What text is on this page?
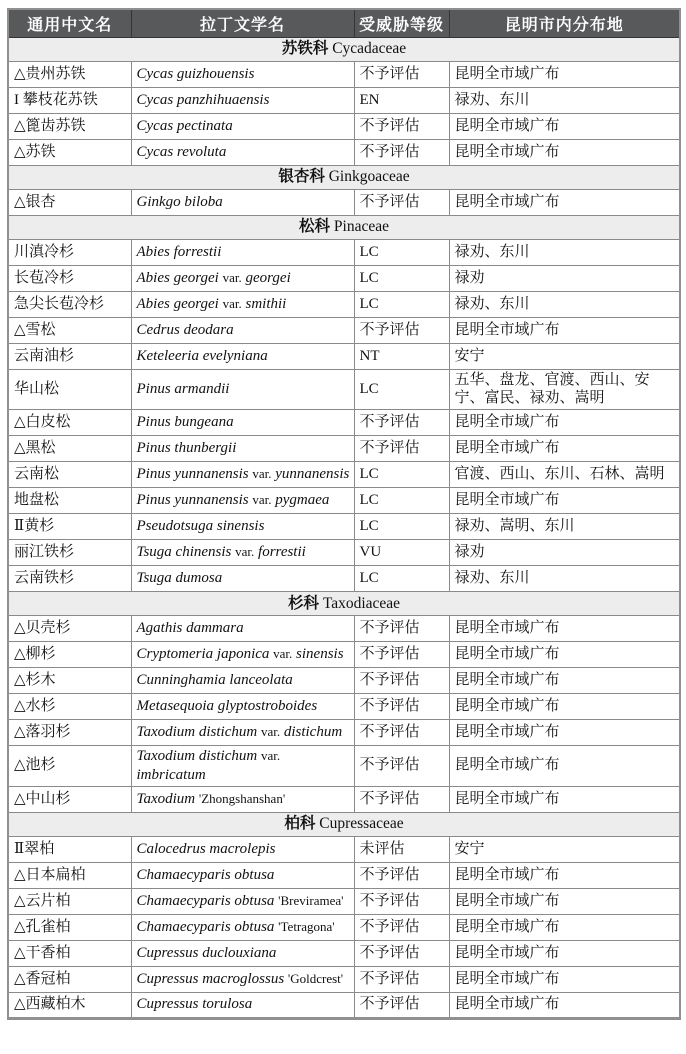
通用中文名	拉丁文学名	受威胁等级	昆明市内分布地
苏铁科 Cycadaceae			
△贵州苏铁	Cycas guizhouensis	不予评估	昆明全市域广布
I 攀枝花苏铁	Cycas panzhihuaensis	EN	禄劝、东川
△篦齿苏铁	Cycas pectinata	不予评估	昆明全市域广布
△苏铁	Cycas revoluta	不予评估	昆明全市域广布
银杏科 Ginkgoaceae			
△银杏	Ginkgo biloba	不予评估	昆明全市域广布
松科 Pinaceae			
川滇冷杉	Abies forrestii	LC	禄劝、东川
长苞冷杉	Abies georgei var. georgei	LC	禄劝
急尖长苞冷杉	Abies georgei var. smithii	LC	禄劝、东川
△雪松	Cedrus deodara	不予评估	昆明全市域广布
云南油杉	Keteleeria evelyniana	NT	安宁
华山松	Pinus armandii	LC	五华、盘龙、官渡、西山、安宁、富民、禄劝、嵩明
△白皮松	Pinus bungeana	不予评估	昆明全市域广布
△黑松	Pinus thunbergii	不予评估	昆明全市域广布
云南松	Pinus yunnanensis var. yunnanensis	LC	官渡、西山、东川、石林、嵩明
地盘松	Pinus yunnanensis var. pygmaea	LC	昆明全市域广布
Ⅱ黄杉	Pseudotsuga sinensis	LC	禄劝、嵩明、东川
丽江铁杉	Tsuga chinensis var. forrestii	VU	禄劝
云南铁杉	Tsuga dumosa	LC	禄劝、东川
杉科 Taxodiaceae			
△贝壳杉	Agathis dammara	不予评估	昆明全市域广布
△柳杉	Cryptomeria japonica var. sinensis	不予评估	昆明全市域广布
△杉木	Cunninghamia lanceolata	不予评估	昆明全市域广布
△水杉	Metasequoia glyptostroboides	不予评估	昆明全市域广布
△落羽杉	Taxodium distichum var. distichum	不予评估	昆明全市域广布
△池杉	Taxodium distichum var. imbricatum	不予评估	昆明全市域广布
△中山杉	Taxodium 'Zhongshanshan'	不予评估	昆明全市域广布
柏科 Cupressaceae			
Ⅱ翠柏	Calocedrus macrolepis	未评估	安宁
△日本扁柏	Chamaecyparis obtusa	不予评估	昆明全市域广布
△云片柏	Chamaecyparis obtusa 'Breviramea'	不予评估	昆明全市域广布
△孔雀柏	Chamaecyparis obtusa 'Tetragona'	不予评估	昆明全市域广布
△干香柏	Cupressus duclouxiana	不予评估	昆明全市域广布
△香冠柏	Cupressus macroglossus 'Goldcrest'	不予评估	昆明全市域广布
△西藏柏木	Cupressus torulosa	不予评估	昆明全市域广布
